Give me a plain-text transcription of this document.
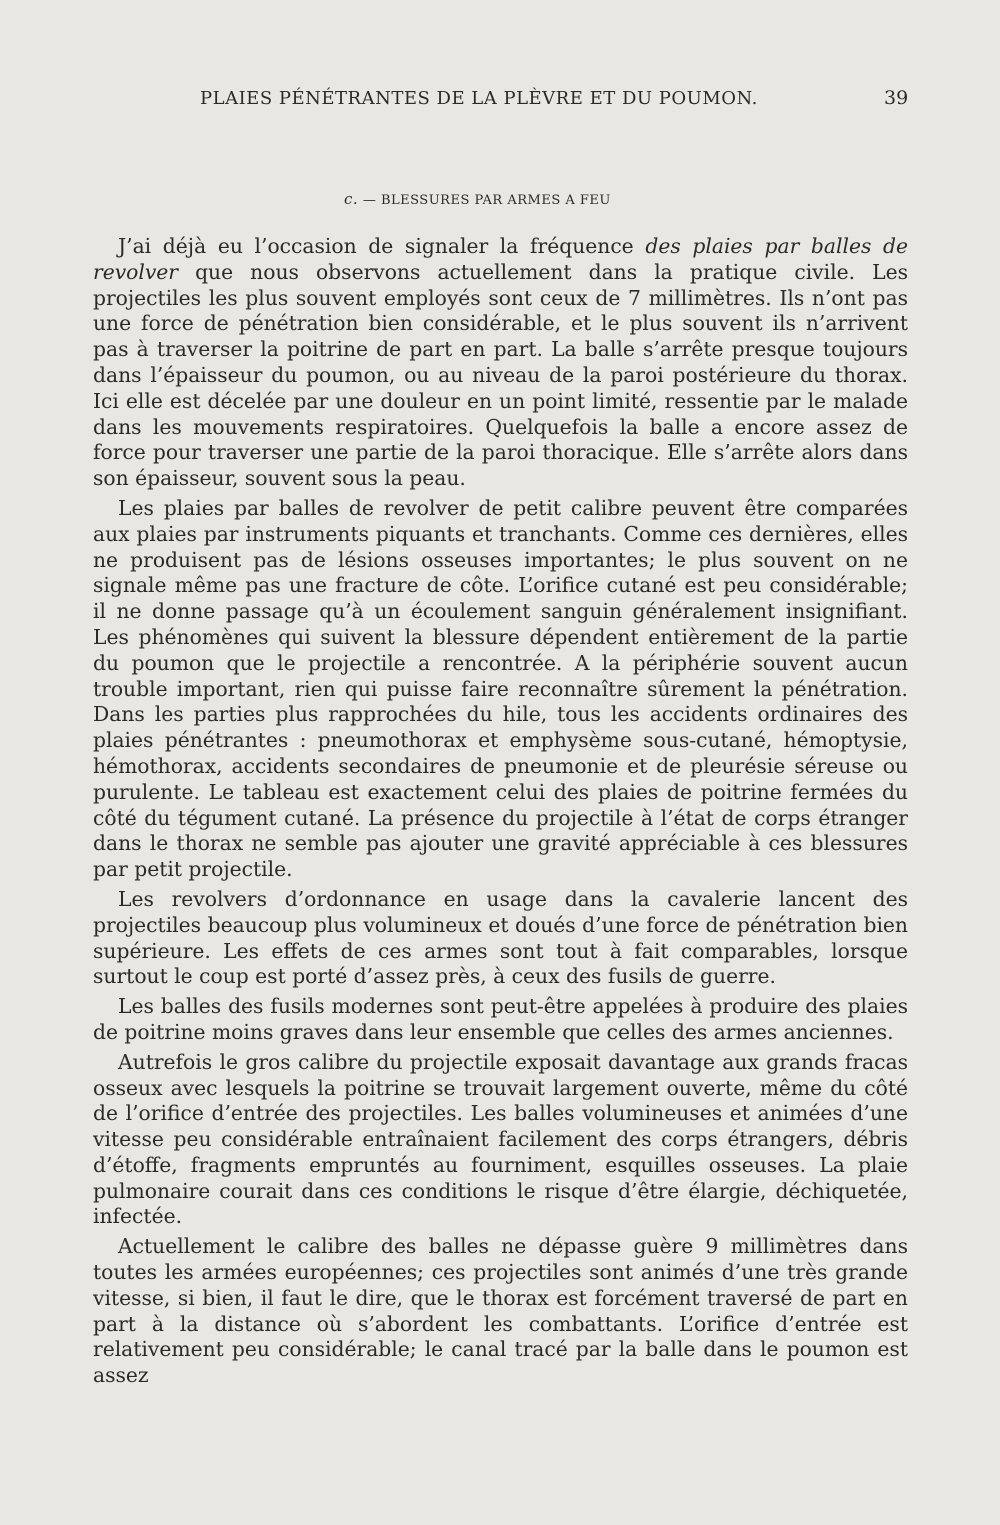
PLAIES PÉNÉTRANTES DE LA PLÈVRE ET DU POUMON.	39
c. — BLESSURES PAR ARMES A FEU

J’ai déjà eu l’occasion de signaler la fréquence des plaies par balles de revolver que nous observons actuellement dans la pratique civile. Les projectiles les plus souvent employés sont ceux de 7 millimètres. Ils n’ont pas une force de pénétration bien considérable, et le plus souvent ils n’arrivent pas à traverser la poitrine de part en part. La balle s’arrête presque toujours dans l’épaisseur du poumon, ou au niveau de la paroi postérieure du thorax. Ici elle est décelée par une douleur en un point limité, ressentie par le malade dans les mouvements respiratoires. Quelquefois la balle a encore assez de force pour traverser une partie de la paroi thoracique. Elle s’arrête alors dans son épaisseur, souvent sous la peau.

Les plaies par balles de revolver de petit calibre peuvent être comparées aux plaies par instruments piquants et tranchants. Comme ces dernières, elles ne produisent pas de lésions osseuses importantes; le plus souvent on ne signale même pas une fracture de côte. L’orifice cutané est peu considérable; il ne donne passage qu’à un écoulement sanguin généralement insignifiant. Les phénomènes qui suivent la blessure dépendent entièrement de la partie du poumon que le projectile a rencontrée. A la périphérie souvent aucun trouble important, rien qui puisse faire reconnaître sûrement la pénétration. Dans les parties plus rapprochées du hile, tous les accidents ordinaires des plaies pénétrantes : pneumothorax et emphysème sous-cutané, hémoptysie, hémothorax, accidents secondaires de pneumonie et de pleurésie séreuse ou purulente. Le tableau est exactement celui des plaies de poitrine fermées du côté du tégument cutané. La présence du projectile à l’état de corps étranger dans le thorax ne semble pas ajouter une gravité appréciable à ces blessures par petit projectile.

Les revolvers d’ordonnance en usage dans la cavalerie lancent des projectiles beaucoup plus volumineux et doués d’une force de pénétration bien supérieure. Les effets de ces armes sont tout à fait comparables, lorsque surtout le coup est porté d’assez près, à ceux des fusils de guerre.

Les balles des fusils modernes sont peut-être appelées à produire des plaies de poitrine moins graves dans leur ensemble que celles des armes anciennes.

Autrefois le gros calibre du projectile exposait davantage aux grands fracas osseux avec lesquels la poitrine se trouvait largement ouverte, même du côté de l’orifice d’entrée des projectiles. Les balles volumineuses et animées d’une vitesse peu considérable entraînaient facilement des corps étrangers, débris d’étoffe, fragments empruntés au fourniment, esquilles osseuses. La plaie pulmonaire courait dans ces conditions le risque d’être élargie, déchiquetée, infectée.

Actuellement le calibre des balles ne dépasse guère 9 millimètres dans toutes les armées européennes; ces projectiles sont animés d’une très grande vitesse, si bien, il faut le dire, que le thorax est forcément traversé de part en part à la distance où s’abordent les combattants. L’orifice d’entrée est relativement peu considérable; le canal tracé par la balle dans le poumon est assez
